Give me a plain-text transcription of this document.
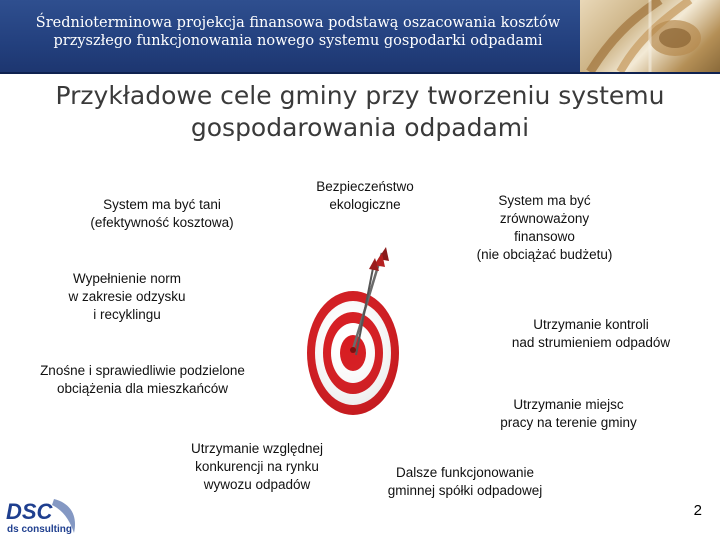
Średnioterminowa projekcja finansowa podstawą oszacowania kosztów
przyszłego funkcjonowania nowego systemu gospodarki odpadami
Przykładowe cele gminy przy tworzeniu systemu
gospodarowania odpadami
System ma być tani
(efektywność kosztowa)
Bezpieczeństwo
ekologiczne	System ma być
zrównoważony
finansowo
(nie obciążać budżetu)
Wypełnienie norm
w zakresie odzysku
i recyklingu
Utrzymanie kontroli
nad strumieniem odpadów
Znośne i sprawiedliwie podzielone
obciążenia dla mieszkańców
Utrzymanie miejsc
pracy na terenie gminy
Utrzymanie względnej
konkurencji na rynku
wywozu odpadów
Dalsze funkcjonowanie
gminnej spółki odpadowej
DSC
ds consulting
2
